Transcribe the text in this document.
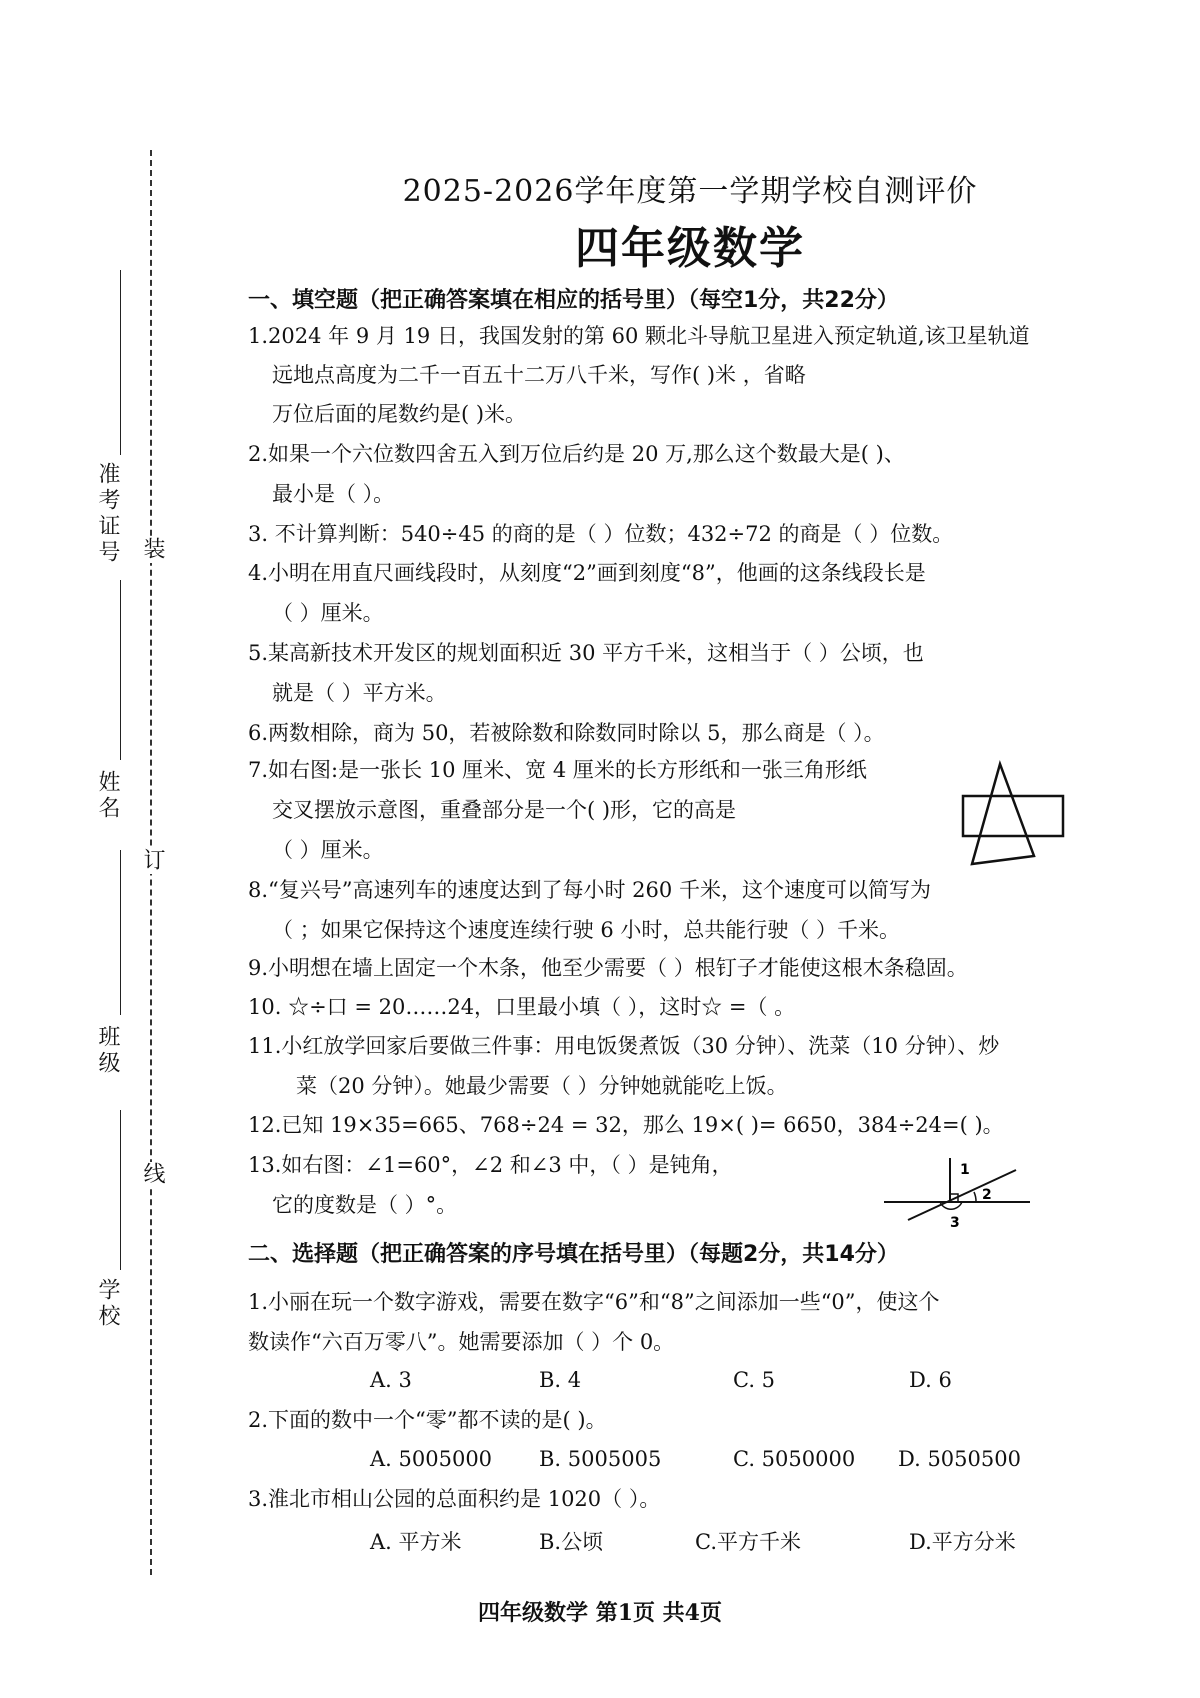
准考证号
姓名
班级
学校
装
订
线
2025-2026学年度第一学期学校自测评价
四年级数学
一、填空题（把正确答案填在相应的括号里）（每空1分，共22分）
1.2024 年 9 月 19 日，我国发射的第 60 颗北斗导航卫星进入预定轨道,该卫星轨道
远地点高度为二千一百五十二万八千米，写作( )米 ，省略
万位后面的尾数约是( )米。
2.如果一个六位数四舍五入到万位后约是 20 万,那么这个数最大是( )、
最小是（ ）。
3. 不计算判断：540÷45 的商的是（ ）位数；432÷72 的商是（ ）位数。
4.小明在用直尺画线段时，从刻度“2”画到刻度“8”，他画的这条线段长是
（ ）厘米。
5.某高新技术开发区的规划面积近 30 平方千米，这相当于（ ）公顷，也
就是（ ）平方米。
6.两数相除，商为 50，若被除数和除数同时除以 5，那么商是（ ）。
7.如右图:是一张长 10 厘米、宽 4 厘米的长方形纸和一张三角形纸
交叉摆放示意图，重叠部分是一个( )形，它的高是
（ ）厘米。
8.“复兴号”高速列车的速度达到了每小时 260 千米，这个速度可以简写为
（ ；如果它保持这个速度连续行驶 6 小时，总共能行驶（ ）千米。
9.小明想在墙上固定一个木条，他至少需要（ ）根钉子才能使这根木条稳固。
10. ☆÷口 = 20……24，口里最小填（ ），这时☆ =（ 。
11.小红放学回家后要做三件事：用电饭煲煮饭（30 分钟）、洗菜（10 分钟）、炒
菜（20 分钟）。她最少需要（ ）分钟她就能吃上饭。
12.已知 19×35=665、768÷24 = 32，那么 19×( )= 6650，384÷24=( )。
13.如右图：∠1=60°，∠2 和∠3 中，（ ）是钝角，
它的度数是（ ）°。
1
2
3
二、选择题（把正确答案的序号填在括号里）（每题2分，共14分）
1.小丽在玩一个数字游戏，需要在数字“6”和“8”之间添加一些“0”，使这个
数读作“六百万零八”。她需要添加（ ）个 0。
A. 3	B. 4	C. 5	D. 6
2.下面的数中一个“零”都不读的是( )。
A. 5005000 B. 5005005	C. 5050000 D. 5050500
3.淮北市相山公园的总面积约是 1020（ ）。
A. 平方米	B.公顷	C.平方千米	D.平方分米
四年级数学 第1页 共4页
